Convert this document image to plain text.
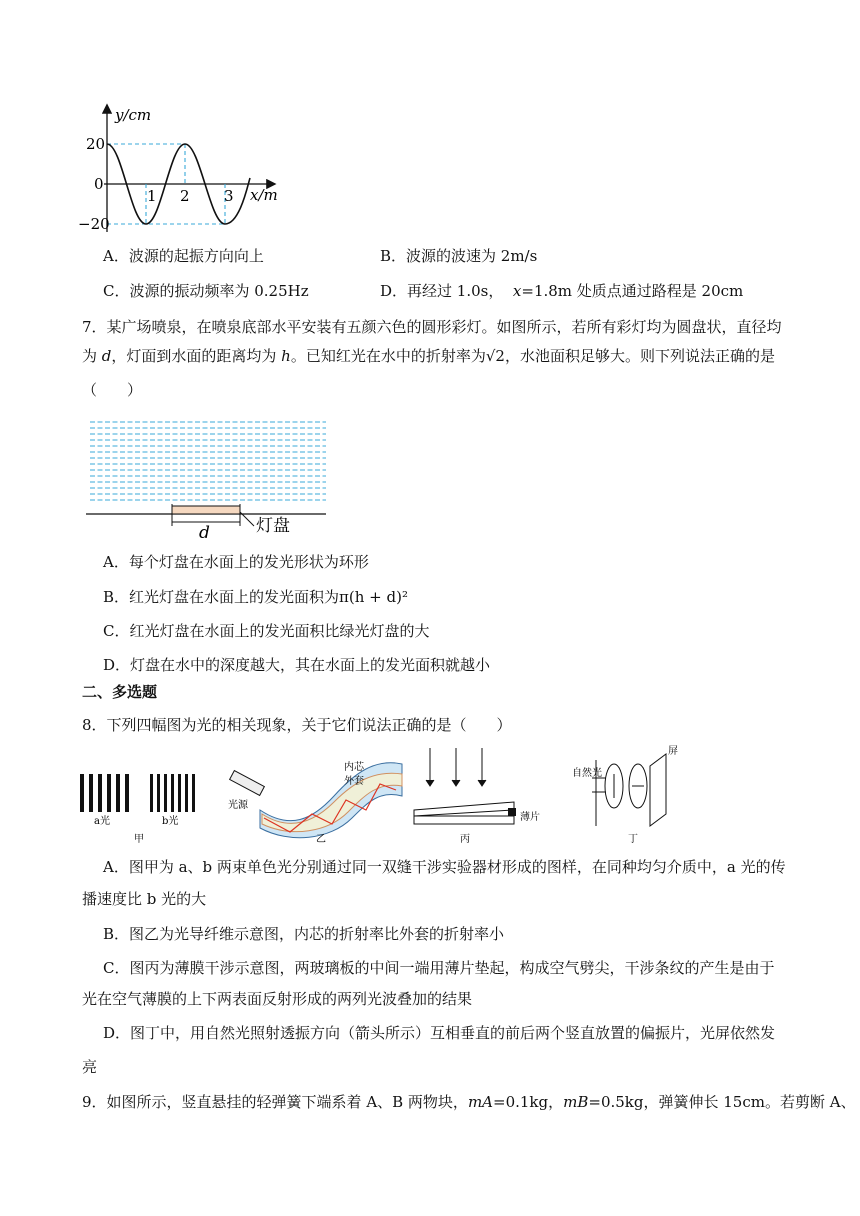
y/cm
x/m
20
0
−20
1 2 3
A．波源的起振方向向上	B．波源的波速为 2m/s
C．波源的振动频率为 0.25Hz	D．再经过 1.0s， x=1.8m 处质点通过路程是 20cm
7．某广场喷泉，在喷泉底部水平安装有五颜六色的圆形彩灯。如图所示，若所有彩灯均为圆盘状，直径均
为 d，灯面到水面的距离均为 h。已知红光在水中的折射率为√2，水池面积足够大。则下列说法正确的是
（　　）
d	灯盘
A．每个灯盘在水面上的发光形状为环形
B．红光灯盘在水面上的发光面积为π(h + d)²
C．红光灯盘在水面上的发光面积比绿光灯盘的大
D．灯盘在水中的深度越大，其在水面上的发光面积就越小
二、多选题
8．下列四幅图为光的相关现象，关于它们说法正确的是（　　）
a光	b光
甲
光源
内芯
外套
乙
薄片
丙
自然光
屏
丁
A．图甲为 a、b 两束单色光分别通过同一双缝干涉实验器材形成的图样，在同种均匀介质中，a 光的传
播速度比 b 光的大
B．图乙为光导纤维示意图，内芯的折射率比外套的折射率小
C．图丙为薄膜干涉示意图，两玻璃板的中间一端用薄片垫起，构成空气劈尖，干涉条纹的产生是由于
光在空气薄膜的上下两表面反射形成的两列光波叠加的结果
D．图丁中，用自然光照射透振方向（箭头所示）互相垂直的前后两个竖直放置的偏振片，光屏依然发
亮
9．如图所示，竖直悬挂的轻弹簧下端系着 A、B 两物块，mA=0.1kg，mB=0.5kg，弹簧伸长 15cm。若剪断 A、
